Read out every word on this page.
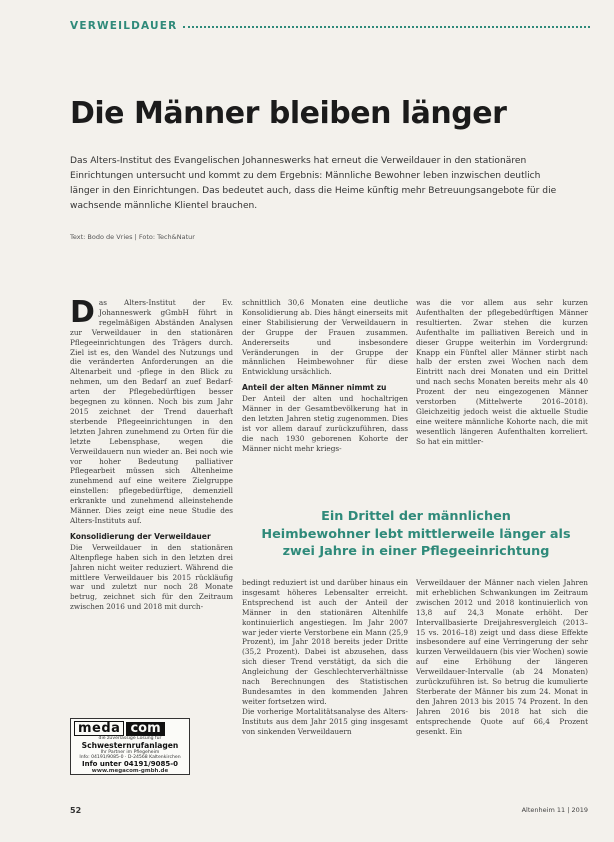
VERWEILDAUER
Die Männer bleiben länger
Das Alters-Institut des Evangelischen Johanneswerks hat erneut die Verweildauer in den stationären Einrichtungen untersucht und kommt zu dem Ergebnis: Männliche Bewohner leben inzwischen deutlich länger in den Einrichtungen. Das bedeutet auch, dass die Heime künftig mehr Betreuungsangebote für die wachsende männliche Klientel brauchen.
Text: Bodo de Vries | Foto: Tech&Natur
D as Alters-Institut der Ev. Johanneswerk gGmbH führt in regelmäßigen Abständen Analysen zur Verweildauer in den stationären Pflegeeinrichtungen des Trägers durch. Ziel ist es, den Wandel des Nutzungs und die veränderten Anforderungen an die Altenarbeit und -pflege in den Blick zu nehmen, um den Bedarf an zuef Bedarf- arten der Pflegebedürftigen besser begegnen zu können. Noch bis zum Jahr 2015 zeichnet der Trend dauerhaft sterbende Pflegeeinrichtungen in den letzten Jahren zunehmend zu Orten für die letzte Lebensphase, wegen die Verweildauern nun wieder an. Bei noch wie vor hoher Bedeutung palliativer Pflegearbeit müssen sich Altenheime zunehmend auf eine weitere Zielgruppe einstellen: pflegebedürftige, demenziell erkrankte und zunehmend alleinstehende Männer. Dies zeigt eine neue Studie des Alters-Instituts auf.

Konsolidierung der Verweildauer

Die Verweildauer in den stationären Altenpflege haben sich in den letzten drei Jahren nicht weiter reduziert. Während die mittlere Verweildauer bis 2015 rückläufig war und zuletzt nur noch 28 Monate betrug, zeichnet sich für den Zeitraum zwischen 2016 und 2018 mit durch-

schnittlich 30,6 Monaten eine deutliche Konsolidierung ab. Dies hängt einerseits mit einer Stabilisierung der Verweildauern in der Gruppe der Frauen zusammen. Andererseits und insbesondere Veränderungen in der Gruppe der männlichen Heimbewohner für diese Entwicklung ursächlich.

Anteil der alten Männer nimmt zu

Der Anteil der alten und hochaltrigen Männer in der Gesamtbevölkerung hat in den letzten Jahren stetig zugenommen. Dies ist vor allem darauf zurückzuführen, dass die nach 1930 geborenen Kohorte der Männer nicht mehr kriegs-

was die vor allem aus sehr kurzen Aufenthalten der pflegebedürftigen Männer resultierten. Zwar stehen die kurzen Aufenthalte im palliativen Bereich und in dieser Gruppe weiterhin im Vordergrund: Knapp ein Fünftel aller Männer stirbt nach halb der ersten zwei Wochen nach dem Eintritt nach drei Monaten und ein Drittel und nach sechs Monaten bereits mehr als 40 Prozent der neu eingezogenen Männer verstorben (Mittelwerte 2016–2018). Gleichzeitig jedoch weist die aktuelle Studie eine weitere männliche Kohorte nach, die mit wesentlich längeren Aufenthalten korreliert. So hat ein mittler-

Ein Drittel der männlichen
Heimbewohner lebt mittlerweile länger als
zwei Jahre in einer Pflegeeinrichtung

bedingt reduziert ist und darüber hinaus ein insgesamt höheres Lebensalter erreicht. Entsprechend ist auch der Anteil der Männer in den stationären Altenhilfe kontinuierlich angestiegen. Im Jahr 2007 war jeder vierte Verstorbene ein Mann (25,9 Prozent), im Jahr 2018 bereits jeder Dritte (35,2 Prozent). Dabei ist abzusehen, dass sich dieser Trend verstätigt, da sich die Angleichung der Geschlechterverhältnisse nach Berechnungen des Statistischen Bundesamtes in den kommenden Jahren weiter fortsetzen wird.
Die vorherige Mortalitätsanalyse des Alters-Instituts aus dem Jahr 2015 ging insgesamt von sinkenden Verweildauern

Verweildauer der Männer nach vielen Jahren mit erheblichen Schwankungen im Zeitraum zwischen 2012 und 2018 kontinuierlich von 13,8 auf 24,3 Monate erhöht. Der Intervallbasierte Dreijahresvergleich (2013–15 vs. 2016–18) zeigt und dass diese Effekte insbesondere auf eine Verringerung der sehr kurzen Verweildauern (bis vier Wochen) sowie auf eine Erhöhung der längeren Verweildauer-Intervalle (ab 24 Monaten) zurückzuführen ist. So betrug die kumulierte Sterberate der Männer bis zum 24. Monat in den Jahren 2013 bis 2015 74 Prozent. In den Jahren 2016 bis 2018 hat sich die entsprechende Quote auf 66,4 Prozent gesenkt. Ein

meda com
die zuverlässige Lösung für
Schwesternrufanlagen
Ihr Partner im Pflegeheim
Info: 04191/9085-0 · D-24568 Kaltenkirchen
Info unter 04191/9085-0
www.megacom-gmbh.de
52	Altenheim 11 | 2019
